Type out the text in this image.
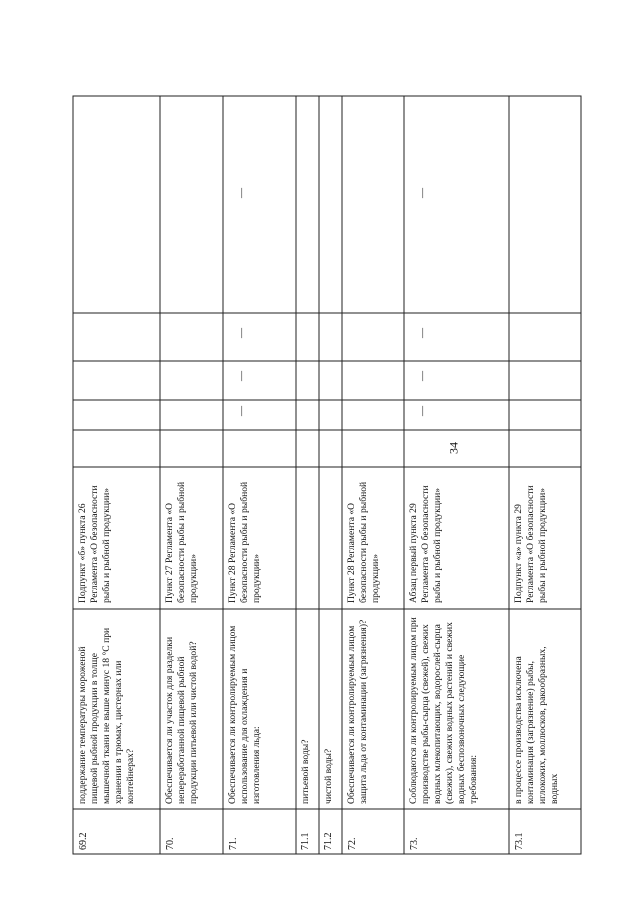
34
69.2
поддержание температуры мороженой пищевой рыбной продукции в толще мышечной ткани не выше минус 18 °С при хранении в трюмах, цистернах или контейнерах?
Подпункт «б» пункта 26 Регламента «О безопасности рыбы и рыбной продукции»
70.
Обеспечивается ли участок для разделки непереработанной пищевой рыбной продукции питьевой или чистой водой?
Пункт 27 Регламента «О безопасности рыбы и рыбной продукции»
71.
Обеспечивается ли контролируемым лицом использование для охлаждения и изготовления льда:
Пункт 28 Регламента «О безопасности рыбы и рыбной продукции»
71.1
питьевой воды?
71.2
чистой воды?
72.
Обеспечивается ли контролируемым лицом защита льда от контаминации (загрязнения)?
Пункт 28 Регламента «О безопасности рыбы и рыбной продукции»
73.
Соблюдаются ли контролируемым лицом при производстве рыбы-сырца (свежей), свежих водных млекопитающих, водорослей-сырца (свежих), свежих водных растений и свежих водных беспозвоночных следующие требования:
Абзац первый пункта 29 Регламента «О безопасности рыбы и рыбной продукции»
73.1
в процессе производства исключена контаминация (загрязнение) рыбы, иглокожих, моллюсков, ракообразных, водных
Подпункт «а» пункта 29 Регламента «О безопасности рыбы и рыбной продукции»
—
—
—
—
—
—
—
—
